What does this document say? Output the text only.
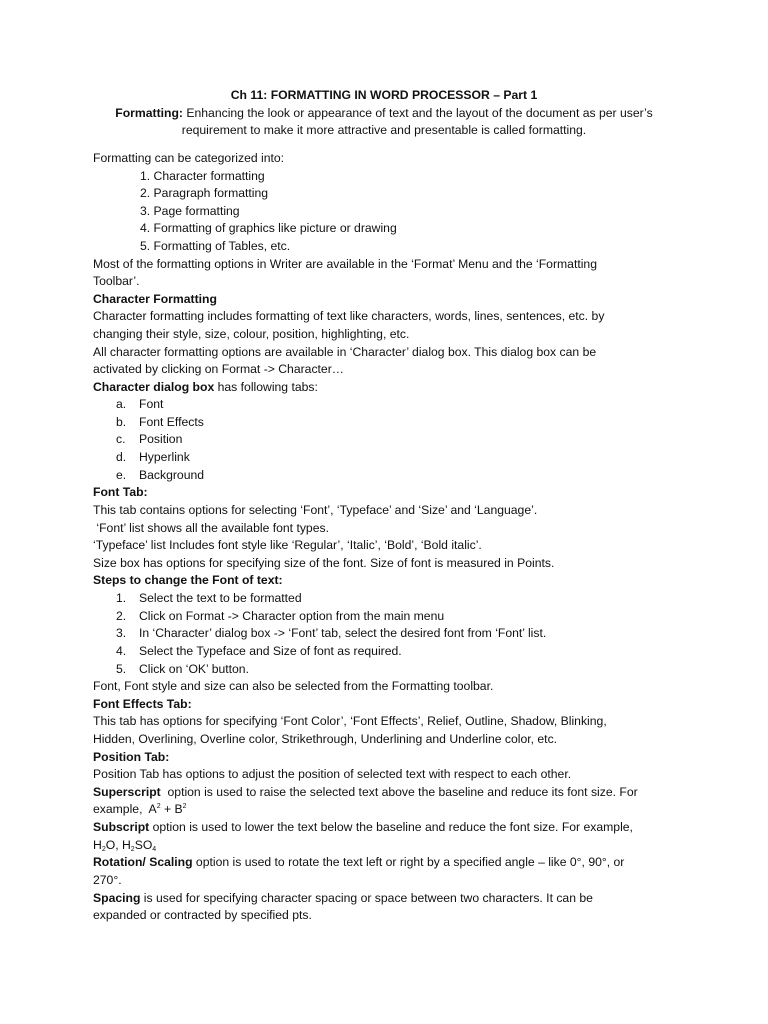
Ch 11: FORMATTING IN WORD PROCESSOR – Part 1
Formatting: Enhancing the look or appearance of text and the layout of the document as per user’s
requirement to make it more attractive and presentable is called formatting.
Formatting can be categorized into:
1. Character formatting
2. Paragraph formatting
3. Page formatting
4. Formatting of graphics like picture or drawing
5. Formatting of Tables, etc.
Most of the formatting options in Writer are available in the ‘Format’ Menu and the ‘Formatting
Toolbar’.
Character Formatting
Character formatting includes formatting of text like characters, words, lines, sentences, etc. by
changing their style, size, colour, position, highlighting, etc.
All character formatting options are available in ‘Character’ dialog box. This dialog box can be
activated by clicking on Format -> Character…
Character dialog box has following tabs:
a. Font
b. Font Effects
c. Position
d. Hyperlink
e. Background
Font Tab:
This tab contains options for selecting ‘Font’, ‘Typeface’ and ‘Size’ and ‘Language’.
‘Font’ list shows all the available font types.
‘Typeface’ list Includes font style like ‘Regular’, ‘Italic’, ‘Bold’, ‘Bold italic’.
Size box has options for specifying size of the font. Size of font is measured in Points.
Steps to change the Font of text:
1. Select the text to be formatted
2. Click on Format -> Character option from the main menu
3. In ‘Character’ dialog box -> ‘Font’ tab, select the desired font from ‘Font’ list.
4. Select the Typeface and Size of font as required.
5. Click on ‘OK’ button.
Font, Font style and size can also be selected from the Formatting toolbar.
Font Effects Tab:
This tab has options for specifying ‘Font Color’, ‘Font Effects’, Relief, Outline, Shadow, Blinking,
Hidden, Overlining, Overline color, Strikethrough, Underlining and Underline color, etc.
Position Tab:
Position Tab has options to adjust the position of selected text with respect to each other.
Superscript  option is used to raise the selected text above the baseline and reduce its font size. For
example,  $A^2 + B^2$
Subscript option is used to lower the text below the baseline and reduce the font size. For example,
$H_2O$, $H_2SO_4$
Rotation/ Scaling option is used to rotate the text left or right by a specified angle – like 0°, 90°, or
270°.
Spacing is used for specifying character spacing or space between two characters. It can be
expanded or contracted by specified pts.
